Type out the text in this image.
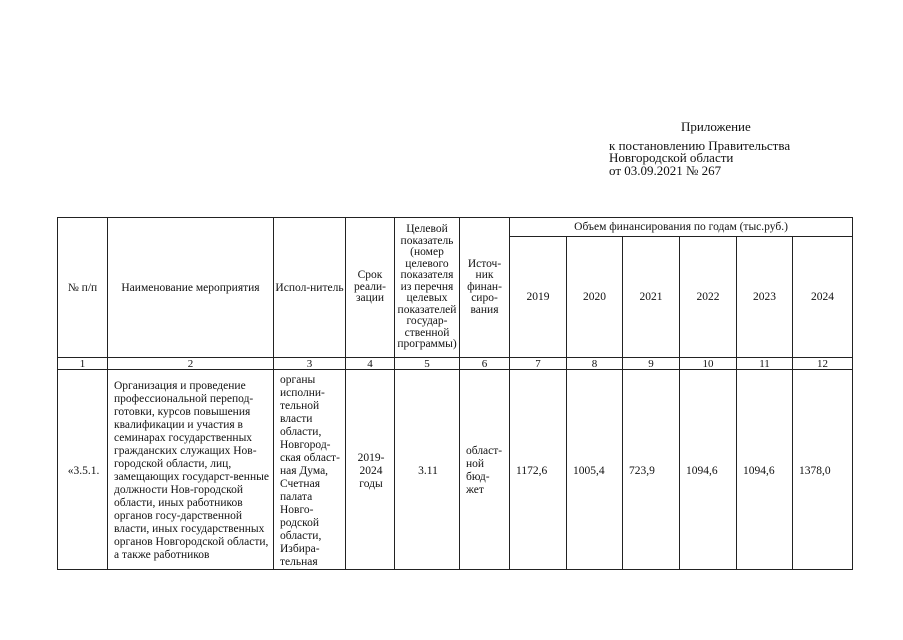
Приложение
к постановлению Правительства
Новгородской области
от 03.09.2021 № 267
№ п/п	Наименование мероприятия	Испол-нитель	Срок реали-зации	Целевой показатель (номер целевого показателя из перечня целевых показателей государ-ственной программы)	Источ-ник финан-сиро-вания	Объем финансирования по годам (тыс.руб.)					
						2019	2020	2021	2022	2023	2024
1	2	3	4	5	6	7	8	9	10	11	12
«3.5.1.	Организация и проведение профессиональной перепод-готовки, курсов повышения квалификации и участия в семинарах государственных гражданских служащих Нов-городской области, лиц, замещающих государст-венные должности Нов-городской области, иных работников органов госу-дарственной власти, иных государственных органов Новгородской области, а также работников	органы исполни-тельной власти области, Новгород-ская област-ная Дума, Счетная палата Новго-родской области, Избира-тельная	2019-2024 годы	3.11	област-ной бюд-жет	1172,6	1005,4	723,9	1094,6	1094,6	1378,0
